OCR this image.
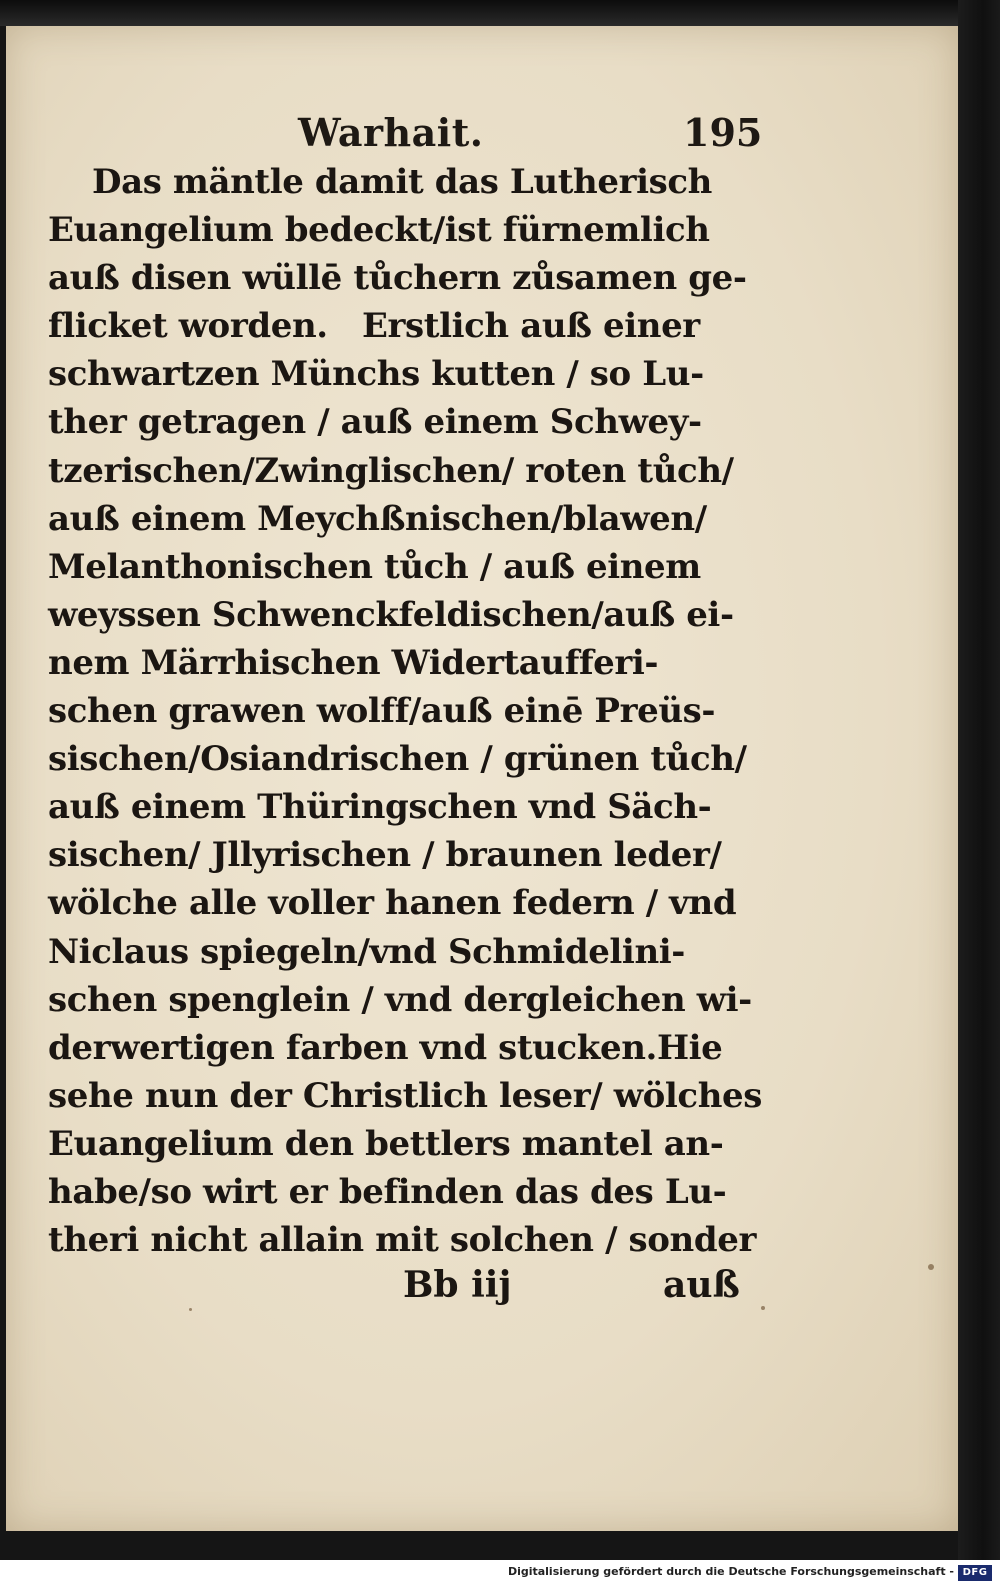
Warhait.	195
Das mäntle damit das Lutherisch
Euangelium bedeckt/ist fürnemlich
auß disen wüllē tůchern zůsamen ge-
flicket worden.   Erstlich auß einer
schwartzen Münchs kutten / so Lu-
ther getragen / auß einem Schwey-
tzerischen/Zwinglischen/ roten tůch/
auß einem Meychßnischen/blawen/
Melanthonischen tůch / auß einem
weyssen Schwenckfeldischen/auß ei-
nem Märrhischen Widertaufferi-
schen grawen wolff/auß einē Preüs-
sischen/Osiandrischen / grünen tůch/
auß einem Thüringschen vnd Säch-
sischen/ Jllyrischen / braunen leder/
wölche alle voller hanen federn / vnd
Niclaus spiegeln/vnd Schmidelini-
schen spenglein / vnd dergleichen wi-
derwertigen farben vnd stucken.Hie
sehe nun der Christlich leser/ wölches
Euangelium den bettlers mantel an-
habe/so wirt er befinden das des Lu-
theri nicht allain mit solchen / sonder
Bb iij	auß
Digitalisierung gefördert durch die Deutsche Forschungsgemeinschaft - DFG
